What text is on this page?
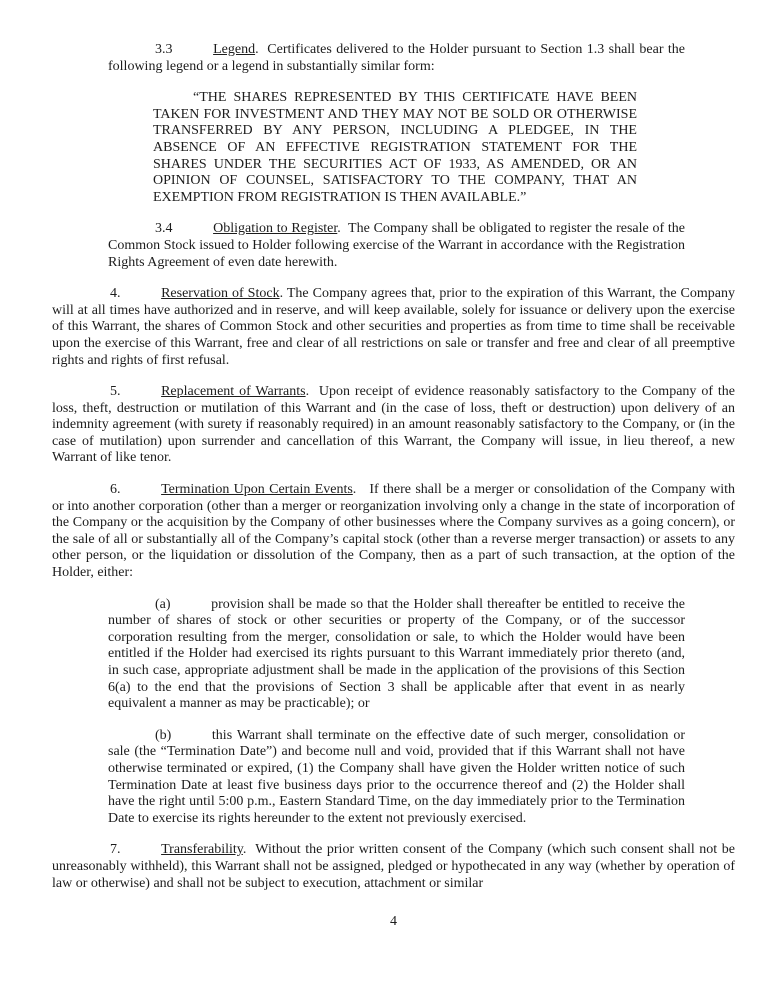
3.3	Legend.  Certificates delivered to the Holder pursuant to Section 1.3 shall bear the following legend or a legend in substantially similar form:

“THE SHARES REPRESENTED BY THIS CERTIFICATE HAVE BEEN TAKEN FOR INVESTMENT AND THEY MAY NOT BE SOLD OR OTHERWISE TRANSFERRED BY ANY PERSON, INCLUDING A PLEDGEE, IN THE ABSENCE OF AN EFFECTIVE REGISTRATION STATEMENT FOR THE SHARES UNDER THE SECURITIES ACT OF 1933, AS AMENDED, OR AN OPINION OF COUNSEL, SATISFACTORY TO THE COMPANY, THAT AN EXEMPTION FROM REGISTRATION IS THEN AVAILABLE.”

3.4	Obligation to Register.  The Company shall be obligated to register the resale of the Common Stock issued to Holder following exercise of the Warrant in accordance with the Registration Rights Agreement of even date herewith.

4.	Reservation of Stock. The Company agrees that, prior to the expiration of this Warrant, the Company will at all times have authorized and in reserve, and will keep available, solely for issuance or delivery upon the exercise of this Warrant, the shares of Common Stock and other securities and properties as from time to time shall be receivable upon the exercise of this Warrant, free and clear of all restrictions on sale or transfer and free and clear of all preemptive rights and rights of first refusal.

5.	Replacement of Warrants.  Upon receipt of evidence reasonably satisfactory to the Company of the loss, theft, destruction or mutilation of this Warrant and (in the case of loss, theft or destruction) upon delivery of an indemnity agreement (with surety if reasonably required) in an amount reasonably satisfactory to the Company, or (in the case of mutilation) upon surrender and cancellation of this Warrant, the Company will issue, in lieu thereof, a new Warrant of like tenor.

6.	Termination Upon Certain Events.   If there shall be a merger or consolidation of the Company with or into another corporation (other than a merger or reorganization involving only a change in the state of incorporation of the Company or the acquisition by the Company of other businesses where the Company survives as a going concern), or the sale of all or substantially all of the Company’s capital stock (other than a reverse merger transaction) or assets to any other person, or the liquidation or dissolution of the Company, then as a part of such transaction, at the option of the Holder, either:

(a)	provision shall be made so that the Holder shall thereafter be entitled to receive the number of shares of stock or other securities or property of the Company, or of the successor corporation resulting from the merger, consolidation or sale, to which the Holder would have been entitled if the Holder had exercised its rights pursuant to this Warrant immediately prior thereto (and, in such case, appropriate adjustment shall be made in the application of the provisions of this Section 6(a) to the end that the provisions of Section 3 shall be applicable after that event in as nearly equivalent a manner as may be practicable); or

(b)	this Warrant shall terminate on the effective date of such merger, consolidation or sale (the “Termination Date”) and become null and void, provided that if this Warrant shall not have otherwise terminated or expired, (1) the Company shall have given the Holder written notice of such Termination Date at least five business days prior to the occurrence thereof and (2) the Holder shall have the right until 5:00 p.m., Eastern Standard Time, on the day immediately prior to the Termination Date to exercise its rights hereunder to the extent not previously exercised.

7.	Transferability.  Without the prior written consent of the Company (which such consent shall not be unreasonably withheld), this Warrant shall not be assigned, pledged or hypothecated in any way (whether by operation of law or otherwise) and shall not be subject to execution, attachment or similar

4
